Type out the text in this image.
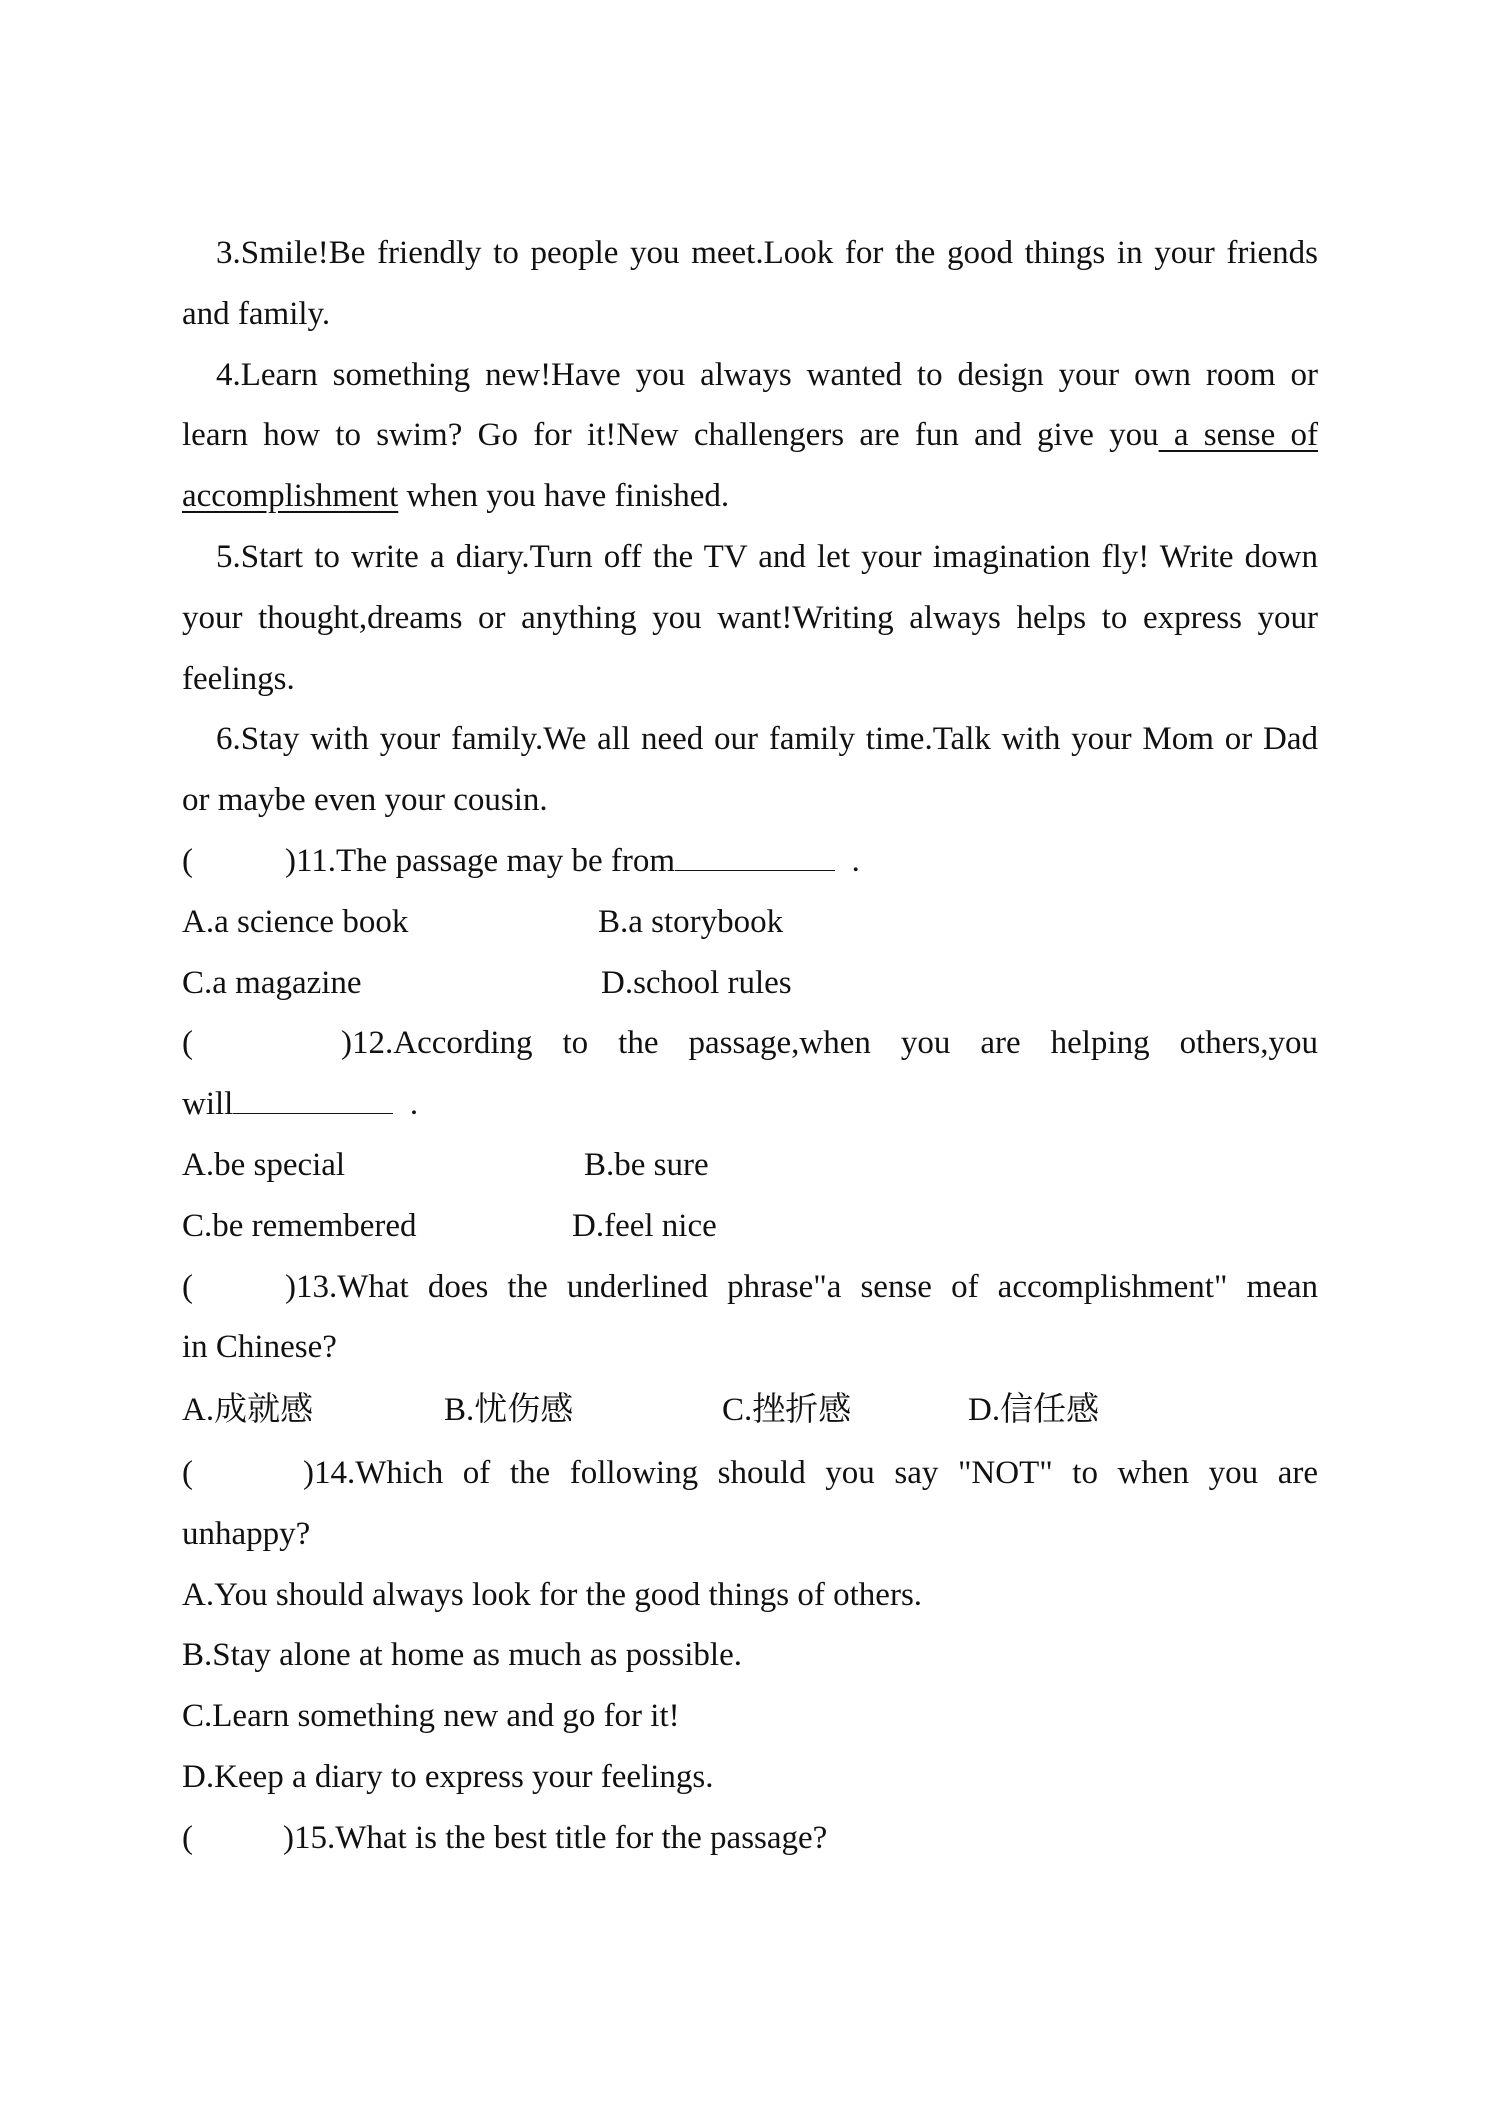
3.Smile!Be friendly to people you meet.Look for the good things in your friends and family.

4.Learn something new!Have you always wanted to design your own room or learn how to swim? Go for it!New challengers are fun and give you a sense of accomplishment when you have finished.

5.Start to write a diary.Turn off the TV and let your imagination fly! Write down your thought,dreams or anything you want!Writing always helps to express your feelings.

6.Stay with your family.We all need our family time.Talk with your Mom or Dad or maybe even your cousin.

(	)11.The passage may be from	.
A.a science book	B.a storybook
C.a magazine	D.school rules
(	)12.According to the passage,when you are helping others,you
will	.
A.be special	B.be sure
C.be remembered	D.feel nice
(	)13.What does the underlined phrase"a sense of accomplishment" mean
in Chinese?
A.成就感	B.忧伤感	C.挫折感	D.信任感
(	)14.Which of the following should you say "NOT" to when you are
unhappy?
A.You should always look for the good things of others.
B.Stay alone at home as much as possible.
C.Learn something new and go for it!
D.Keep a diary to express your feelings.
(	)15.What is the best title for the passage?
